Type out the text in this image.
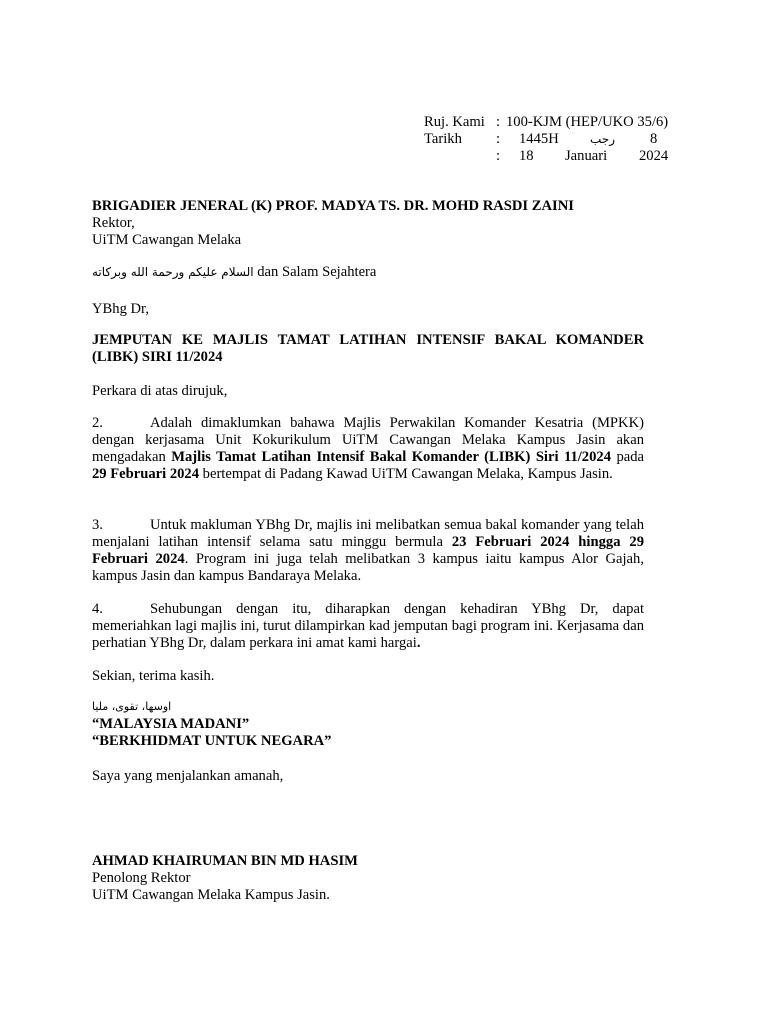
Ruj. Kami : 100-KJM (HEP/UKO 35/6)
Tarikh : 1445H	رجب 8
: 18 Januari 2024
BRIGADIER JENERAL (K) PROF. MADYA TS. DR. MOHD RASDI ZAINI
Rektor,
UiTM Cawangan Melaka
السلام عليكم ورحمة الله وبركاته dan Salam Sejahtera
YBhg Dr,
JEMPUTAN KE MAJLIS TAMAT LATIHAN INTENSIF BAKAL KOMANDER (LIBK) SIRI 11/2024
Perkara di atas dirujuk,
2.	Adalah dimaklumkan bahawa Majlis Perwakilan Komander Kesatria (MPKK) dengan kerjasama Unit Kokurikulum UiTM Cawangan Melaka Kampus Jasin akan mengadakan Majlis Tamat Latihan Intensif Bakal Komander (LIBK) Siri 11/2024 pada 29 Februari 2024 bertempat di Padang Kawad UiTM Cawangan Melaka, Kampus Jasin.
3.	Untuk makluman YBhg Dr, majlis ini melibatkan semua bakal komander yang telah menjalani latihan intensif selama satu minggu bermula 23 Februari 2024 hingga 29 Februari 2024. Program ini juga telah melibatkan 3 kampus iaitu kampus Alor Gajah, kampus Jasin dan kampus Bandaraya Melaka.
4.	Sehubungan dengan itu, diharapkan dengan kehadiran YBhg Dr, dapat memeriahkan lagi majlis ini, turut dilampirkan kad jemputan bagi program ini. Kerjasama dan perhatian YBhg Dr, dalam perkara ini amat kami hargai.
Sekian, terima kasih.
اوسها، تقوى، مليا
“MALAYSIA MADANI”
“BERKHIDMAT UNTUK NEGARA”
Saya yang menjalankan amanah,
AHMAD KHAIRUMAN BIN MD HASIM
Penolong Rektor
UiTM Cawangan Melaka Kampus Jasin.
